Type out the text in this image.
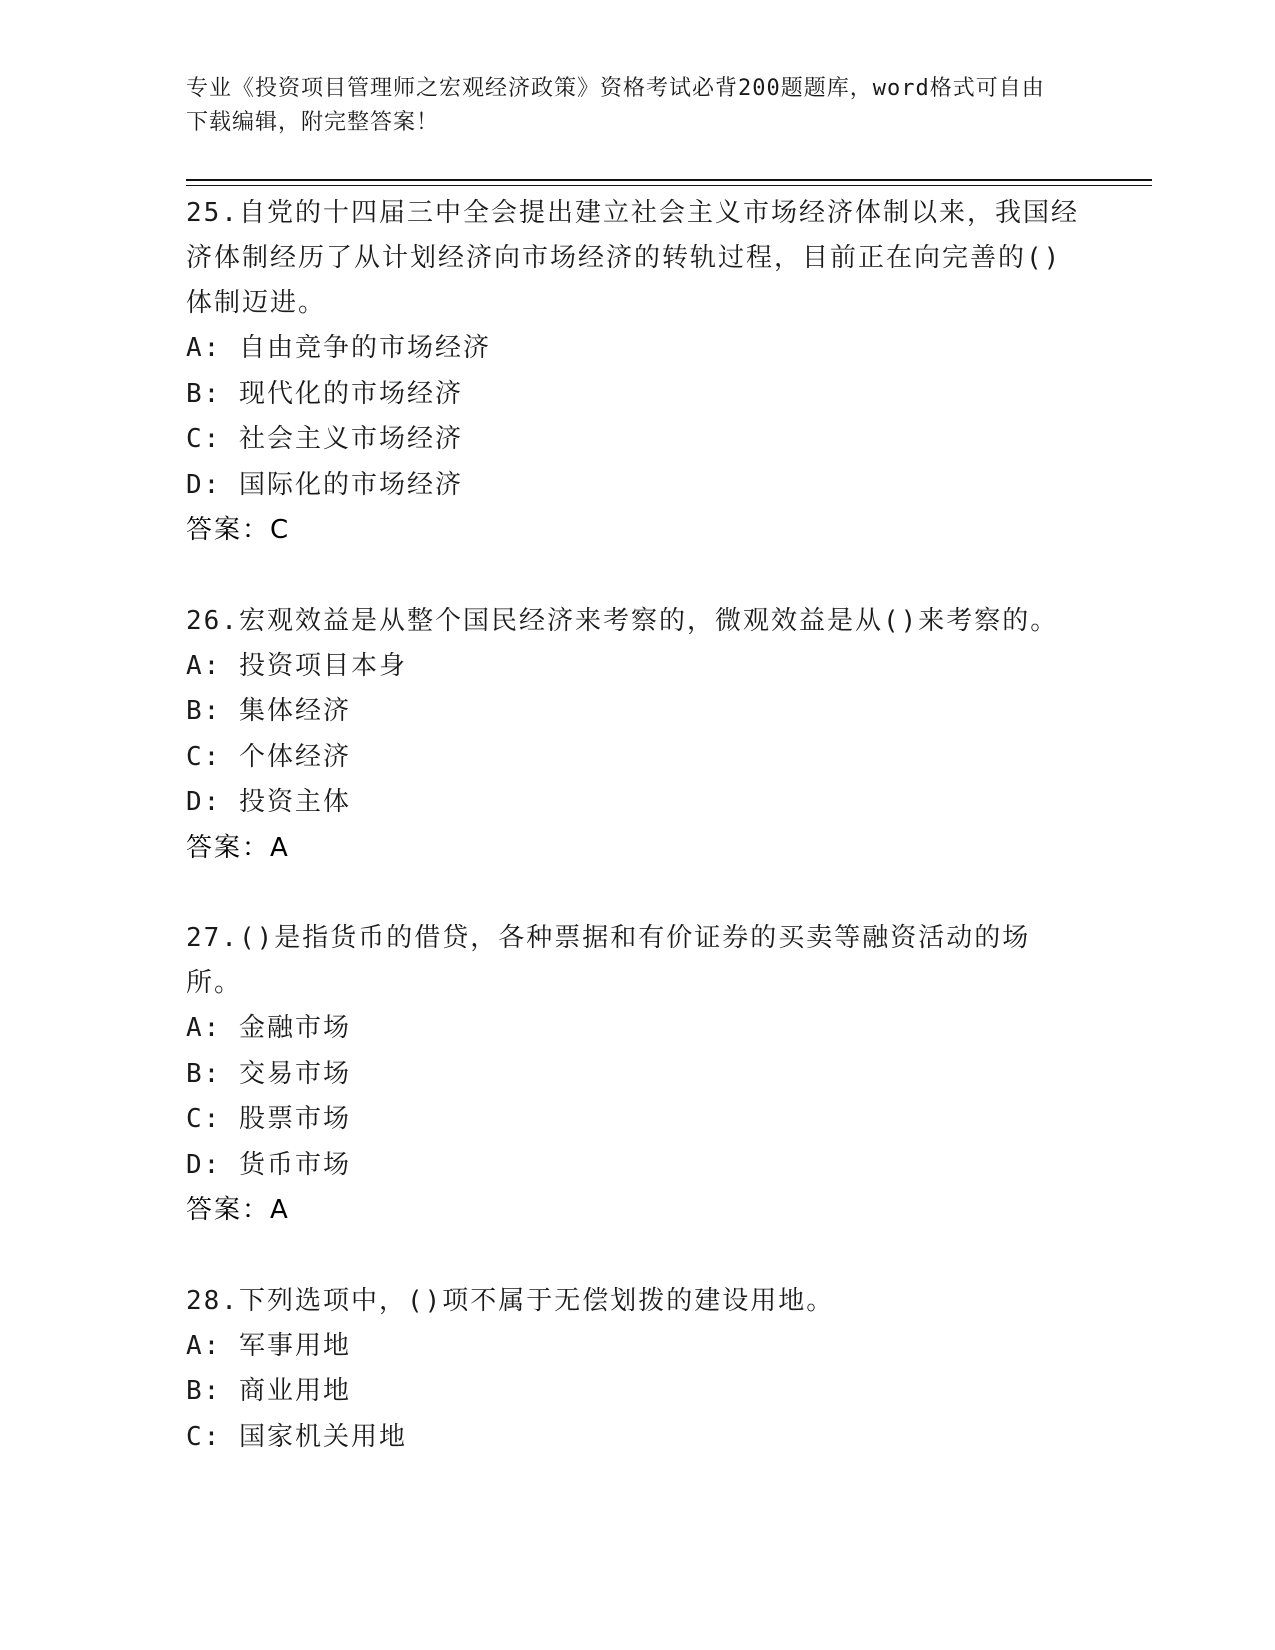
专业《投资项目管理师之宏观经济政策》资格考试必背200题题库，word格式可自由下载编辑，附完整答案！
25.自党的十四届三中全会提出建立社会主义市场经济体制以来，我国经济体制经历了从计划经济向市场经济的转轨过程，目前正在向完善的()体制迈进。
A: 自由竞争的市场经济
B: 现代化的市场经济
C: 社会主义市场经济
D: 国际化的市场经济
答案：C
26.宏观效益是从整个国民经济来考察的，微观效益是从()来考察的。
A: 投资项目本身
B: 集体经济
C: 个体经济
D: 投资主体
答案：A
27.()是指货币的借贷，各种票据和有价证券的买卖等融资活动的场所。
A: 金融市场
B: 交易市场
C: 股票市场
D: 货币市场
答案：A
28.下列选项中，()项不属于无偿划拨的建设用地。
A: 军事用地
B: 商业用地
C: 国家机关用地
